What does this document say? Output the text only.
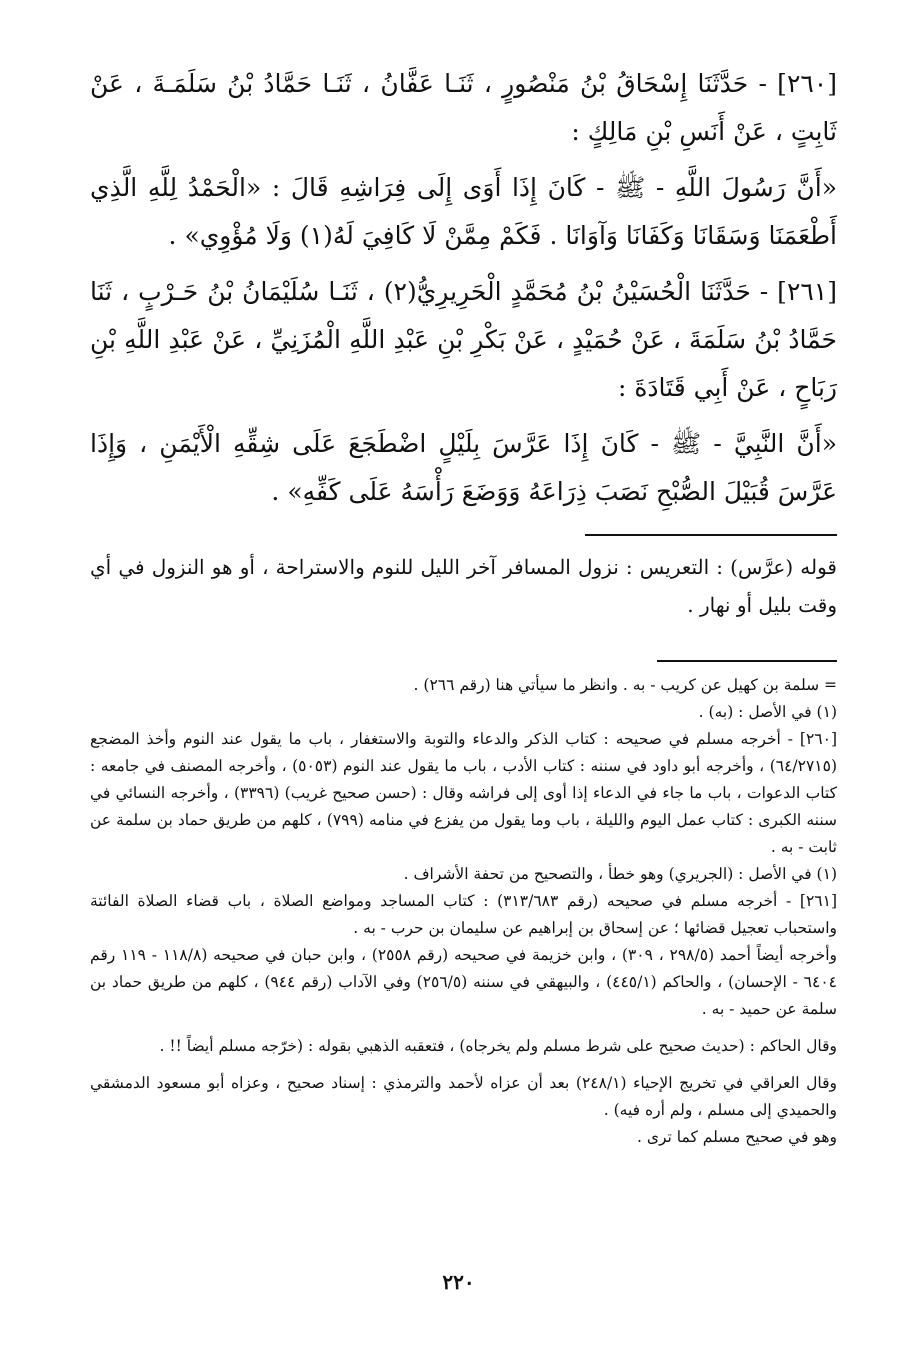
[٢٦٠] - حَدَّثَنَا إِسْحَاقُ بْنُ مَنْصُورٍ ، ثَنَـا عَفَّانُ ، ثَنَـا حَمَّادُ بْنُ سَلَمَـةَ ، عَنْ ثَابِتٍ ، عَنْ أَنَسِ بْنِ مَالِكٍ :

«أَنَّ رَسُولَ اللَّهِ - ﷺ - كَانَ إِذَا أَوَى إِلَى فِرَاشِهِ قَالَ : «الْحَمْدُ لِلَّهِ الَّذِي أَطْعَمَنَا وَسَقَانَا وَكَفَانَا وَآوَانَا . فَكَمْ مِمَّنْ لَا كَافِيَ لَهُ(١) وَلَا مُؤْوِي» .

[٢٦١] - حَدَّثَنَا الْحُسَيْنُ بْنُ مُحَمَّدٍ الْحَرِيرِيُّ(٢) ، ثَنَـا سُلَيْمَانُ بْنُ حَـرْبٍ ، ثَنَا حَمَّادُ بْنُ سَلَمَةَ ، عَنْ حُمَيْدٍ ، عَنْ بَكْرِ بْنِ عَبْدِ اللَّهِ الْمُزَنِيِّ ، عَنْ عَبْدِ اللَّهِ بْنِ رَبَاحٍ ، عَنْ أَبِي قَتَادَةَ :

«أَنَّ النَّبِيَّ - ﷺ - كَانَ إِذَا عَرَّسَ بِلَيْلٍ اضْطَجَعَ عَلَى شِقِّهِ الْأَيْمَنِ ، وَإِذَا عَرَّسَ قُبَيْلَ الصُّبْحِ نَصَبَ ذِرَاعَهُ وَوَضَعَ رَأْسَهُ عَلَى كَفِّهِ» .

قوله (عرَّس) : التعريس : نزول المسافر آخر الليل للنوم والاستراحة ، أو هو النزول في أي وقت بليل أو نهار .

= سلمة بن كهيل عن كريب - به . وانظر ما سيأتي هنا (رقم ٢٦٦) .

(١) في الأصل : (به) .

[٢٦٠] - أخرجه مسلم في صحيحه : كتاب الذكر والدعاء والتوبة والاستغفار ، باب ما يقول عند النوم وأخذ المضجع (٦٤/٢٧١٥) ، وأخرجه أبو داود في سننه : كتاب الأدب ، باب ما يقول عند النوم (٥٠٥٣) ، وأخرجه المصنف في جامعه : كتاب الدعوات ، باب ما جاء في الدعاء إذا أوى إلى فراشه وقال : (حسن صحيح غريب) (٣٣٩٦) ، وأخرجه النسائي في سننه الكبرى : كتاب عمل اليوم والليلة ، باب وما يقول من يفزع في منامه (٧٩٩) ، كلهم من طريق حماد بن سلمة عن ثابت - به .

(١) في الأصل : (الجريري) وهو خطأ ، والتصحيح من تحفة الأشراف .

[٢٦١] - أخرجه مسلم في صحيحه (رقم ٣١٣/٦٨٣) : كتاب المساجد ومواضع الصلاة ، باب قضاء الصلاة الفائتة واستحباب تعجيل قضائها ؛ عن إسحاق بن إبراهيم عن سليمان بن حرب - به .

وأخرجه أيضاً أحمد (٢٩٨/٥ ، ٣٠٩) ، وابن خزيمة في صحيحه (رقم ٢٥٥٨) ، وابن حبان في صحيحه (١١٨/٨ - ١١٩ رقم ٦٤٠٤ - الإحسان) ، والحاكم (٤٤٥/١) ، والبيهقي في سننه (٢٥٦/٥) وفي الآداب (رقم ٩٤٤) ، كلهم من طريق حماد بن سلمة عن حميد - به .

وقال الحاكم : (حديث صحيح على شرط مسلم ولم يخرجاه) ، فتعقبه الذهبي بقوله : (خرّجه مسلم أيضاً !! .

وقال العراقي في تخريج الإحياء (٢٤٨/١) بعد أن عزاه لأحمد والترمذي : إسناد صحيح ، وعزاه أبو مسعود الدمشقي والحميدي إلى مسلم ، ولم أره فيه) .

وهو في صحيح مسلم كما ترى .

٢٢٠
